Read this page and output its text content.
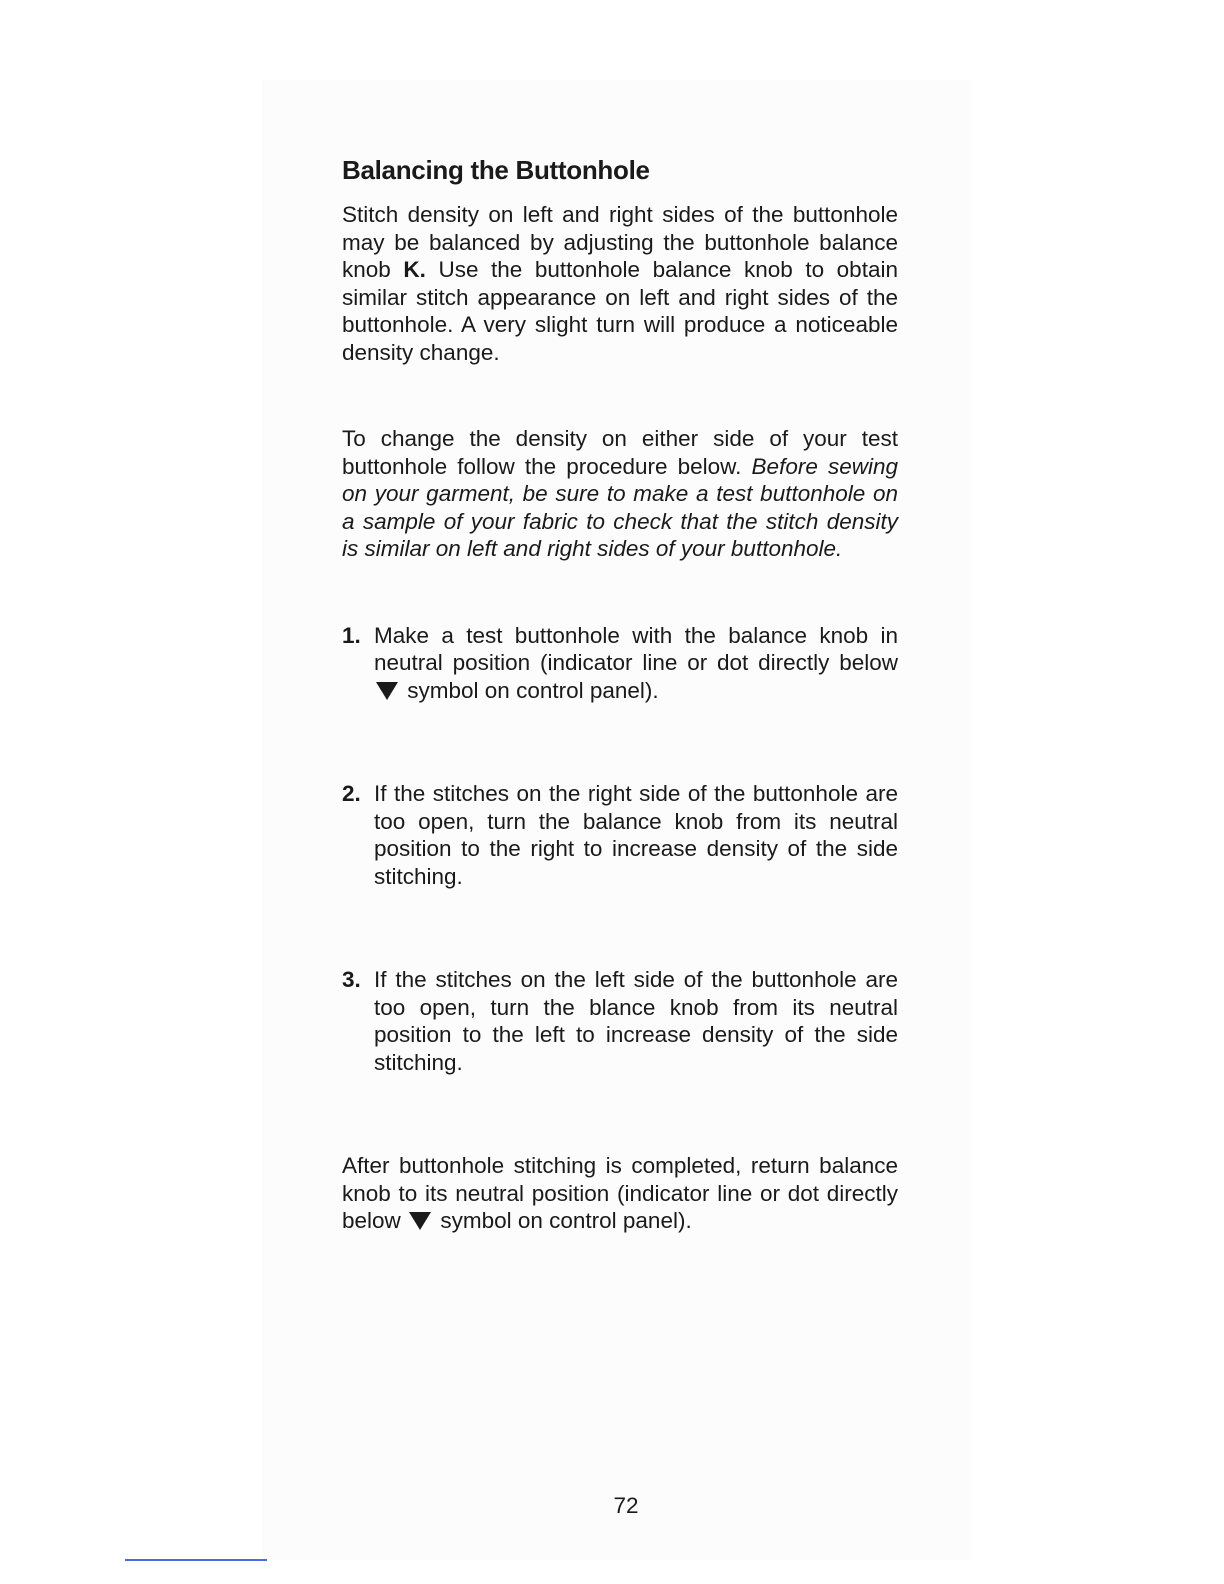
Balancing the Buttonhole

Stitch density on left and right sides of the buttonhole may be balanced by adjusting the buttonhole balance knob K. Use the buttonhole balance knob to obtain similar stitch appearance on left and right sides of the buttonhole. A very slight turn will produce a noticeable density change.

To change the density on either side of your test buttonhole follow the procedure below. Before sewing on your garment, be sure to make a test buttonhole on a sample of your fabric to check that the stitch density is similar on left and right sides of your buttonhole.

1. Make a test buttonhole with the balance knob in neutral position (indicator line or dot directly below  symbol on control panel).
2. If the stitches on the right side of the buttonhole are too open, turn the balance knob from its neutral position to the right to increase density of the side stitching.
3. If the stitches on the left side of the buttonhole are too open, turn the blance knob from its neutral position to the left to increase density of the side stitching.

After buttonhole stitching is completed, return balance knob to its neutral position (indicator line or dot directly below symbol on control panel).

72
